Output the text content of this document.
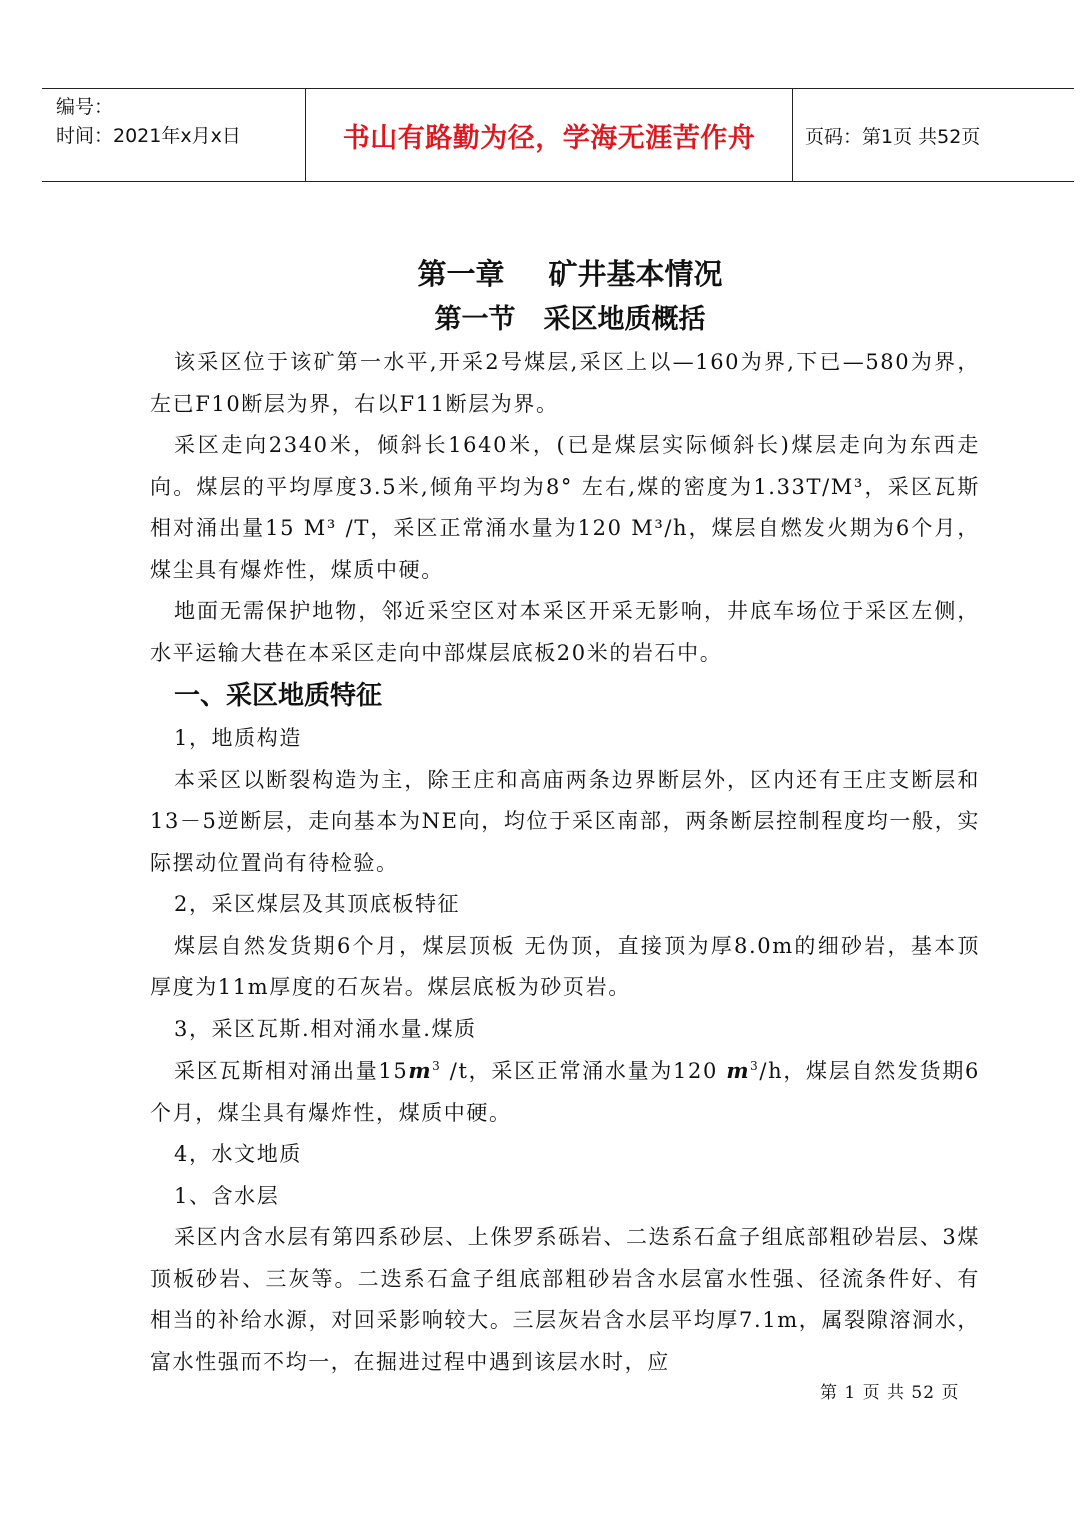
编号：
时间：2021年x月x日	书山有路勤为径，学海无涯苦作舟	页码：第1页 共52页
第一章 矿井基本情况
第一节 采区地质概括

该采区位于该矿第一水平,开采2号煤层,采区上以—160为界,下已—580为界，左已F10断层为界，右以F11断层为界。

采区走向2340米，倾斜长1640米，(已是煤层实际倾斜长)煤层走向为东西走向。煤层的平均厚度3.5米,倾角平均为8° 左右,煤的密度为1.33T/M³，采区瓦斯相对涌出量15 M³ /T，采区正常涌水量为120 M³/h，煤层自燃发火期为6个月，煤尘具有爆炸性，煤质中硬。

地面无需保护地物，邻近采空区对本采区开采无影响，井底车场位于采区左侧，水平运输大巷在本采区走向中部煤层底板20米的岩石中。

一、采区地质特征

1，地质构造

本采区以断裂构造为主，除王庄和高庙两条边界断层外，区内还有王庄支断层和13－5逆断层，走向基本为NE向，均位于采区南部，两条断层控制程度均一般，实际摆动位置尚有待检验。

2，采区煤层及其顶底板特征

煤层自然发货期6个月，煤层顶板 无伪顶，直接顶为厚8.0m的细砂岩，基本顶厚度为11m厚度的石灰岩。煤层底板为砂页岩。

3，采区瓦斯.相对涌水量.煤质

采区瓦斯相对涌出量$15m^3$ /t，采区正常涌水量为120 $m^3/h$，煤层自然发货期6个月，煤尘具有爆炸性，煤质中硬。

4，水文地质

1、含水层

采区内含水层有第四系砂层、上侏罗系砾岩、二迭系石盒子组底部粗砂岩层、3煤顶板砂岩、三灰等。二迭系石盒子组底部粗砂岩含水层富水性强、径流条件好、有相当的补给水源，对回采影响较大。三层灰岩含水层平均厚7.1m，属裂隙溶洞水，富水性强而不均一，在掘进过程中遇到该层水时，应

第 1 页 共 52 页
